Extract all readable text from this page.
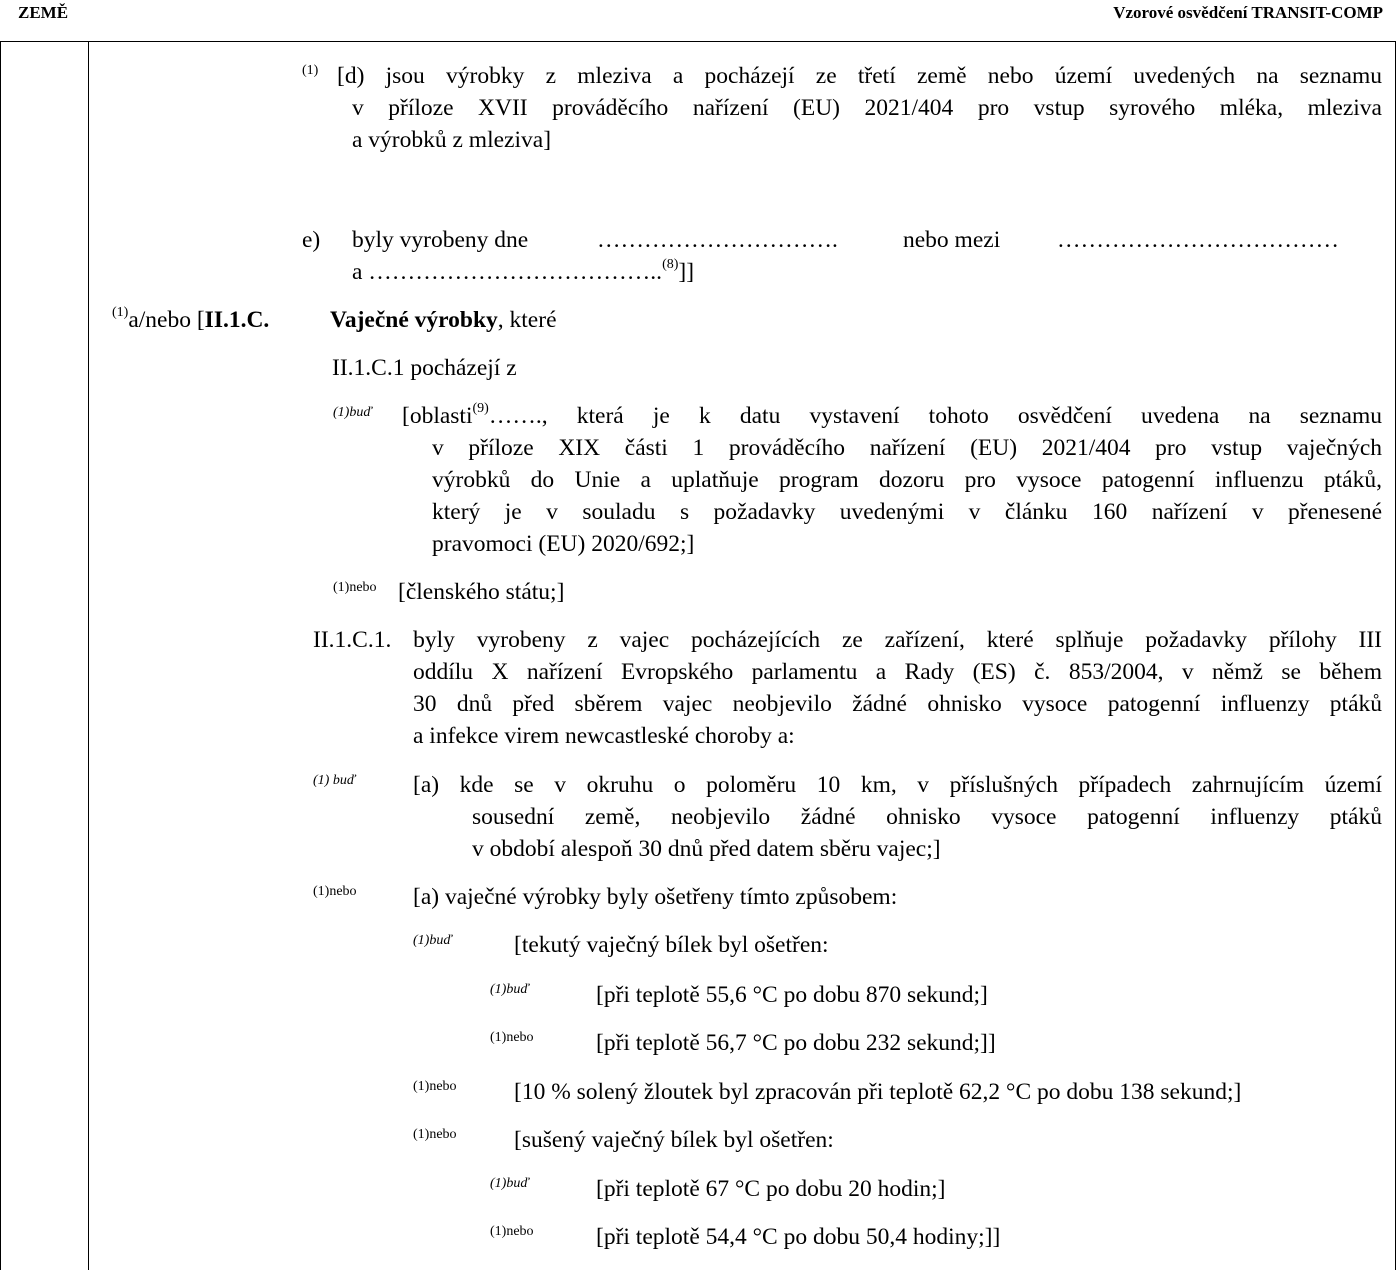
ZEMĚ	Vzorové osvědčení TRANSIT-COMP
(1) [d) jsou výrobky z mleziva a pocházejí ze třetí země nebo území uvedených na seznamu
v příloze XVII prováděcího nařízení (EU) 2021/404 pro vstup syrového mléka, mleziva
a výrobků z mleziva]
e) byly vyrobeny dne	………………………….	nebo mezi ………………………………
a ………………………………..$^{(8)}$]]
$^{(1)}$a/nebo [II.1.C.	Vaječné výrobky, které
II.1.C.1 pocházejí z
(1)buď [oblasti$^{(9)}$……., která je k datu vystavení tohoto osvědčení uvedena na seznamu
v příloze XIX části 1 prováděcího nařízení (EU) 2021/404 pro vstup vaječných
výrobků do Unie a uplatňuje program dozoru pro vysoce patogenní influenzu ptáků,
který je v souladu s požadavky uvedenými v článku 160 nařízení v přenesené
pravomoci (EU) 2020/692;]
(1)nebo [členského státu;]
II.1.C.1. byly vyrobeny z vajec pocházejících ze zařízení, které splňuje požadavky přílohy III
oddílu X nařízení Evropského parlamentu a Rady (ES) č. 853/2004, v němž se během
30 dnů před sběrem vajec neobjevilo žádné ohnisko vysoce patogenní influenzy ptáků
a infekce virem newcastleské choroby a:
(1) buď [a) kde se v okruhu o poloměru 10 km, v příslušných případech zahrnujícím území
sousední země, neobjevilo žádné ohnisko vysoce patogenní influenzy ptáků
v období alespoň 30 dnů před datem sběru vajec;]
(1)nebo [a) vaječné výrobky byly ošetřeny tímto způsobem:
(1)buď	[tekutý vaječný bílek byl ošetřen:
(1)buď	[při teplotě 55,6 °C po dobu 870 sekund;]
(1)nebo	[při teplotě 56,7 °C po dobu 232 sekund;]]
(1)nebo [10 % solený žloutek byl zpracován při teplotě 62,2 °C po dobu 138 sekund;]
(1)nebo [sušený vaječný bílek byl ošetřen:
(1)buď	[při teplotě 67 °C po dobu 20 hodin;]
(1)nebo	[při teplotě 54,4 °C po dobu 50,4 hodiny;]]
